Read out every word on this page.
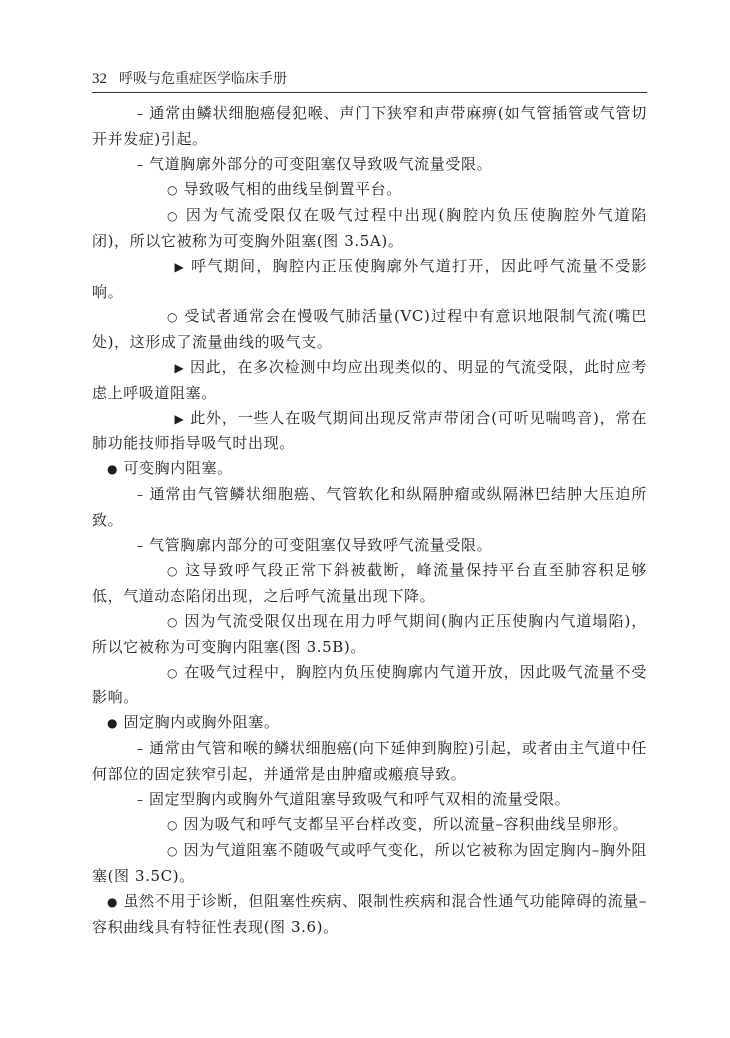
32 呼吸与危重症医学临床手册

– 通常由鳞状细胞癌侵犯喉、声门下狭窄和声带麻痹(如气管插管或气管切开并发症)引起。

– 气道胸廓外部分的可变阻塞仅导致吸气流量受限。

○ 导致吸气相的曲线呈倒置平台。

○ 因为气流受限仅在吸气过程中出现(胸腔内负压使胸腔外气道陷闭)，所以它被称为可变胸外阻塞(图 3.5A)。

▶ 呼气期间，胸腔内正压使胸廓外气道打开，因此呼气流量不受影响。

○ 受试者通常会在慢吸气肺活量(VC)过程中有意识地限制气流(嘴巴处)，这形成了流量曲线的吸气支。

▶ 因此，在多次检测中均应出现类似的、明显的气流受限，此时应考虑上呼吸道阻塞。

▶ 此外，一些人在吸气期间出现反常声带闭合(可听见喘鸣音)，常在肺功能技师指导吸气时出现。

● 可变胸内阻塞。

– 通常由气管鳞状细胞癌、气管软化和纵隔肿瘤或纵隔淋巴结肿大压迫所致。

– 气管胸廓内部分的可变阻塞仅导致呼气流量受限。

○ 这导致呼气段正常下斜被截断，峰流量保持平台直至肺容积足够低，气道动态陷闭出现，之后呼气流量出现下降。

○ 因为气流受限仅出现在用力呼气期间(胸内正压使胸内气道塌陷)，所以它被称为可变胸内阻塞(图 3.5B)。

○ 在吸气过程中，胸腔内负压使胸廓内气道开放，因此吸气流量不受影响。

● 固定胸内或胸外阻塞。

– 通常由气管和喉的鳞状细胞癌(向下延伸到胸腔)引起，或者由主气道中任何部位的固定狭窄引起，并通常是由肿瘤或瘢痕导致。

– 固定型胸内或胸外气道阻塞导致吸气和呼气双相的流量受限。

○ 因为吸气和呼气支都呈平台样改变，所以流量–容积曲线呈卵形。

○ 因为气道阻塞不随吸气或呼气变化，所以它被称为固定胸内–胸外阻塞(图 3.5C)。

● 虽然不用于诊断，但阻塞性疾病、限制性疾病和混合性通气功能障碍的流量–容积曲线具有特征性表现(图 3.6)。
